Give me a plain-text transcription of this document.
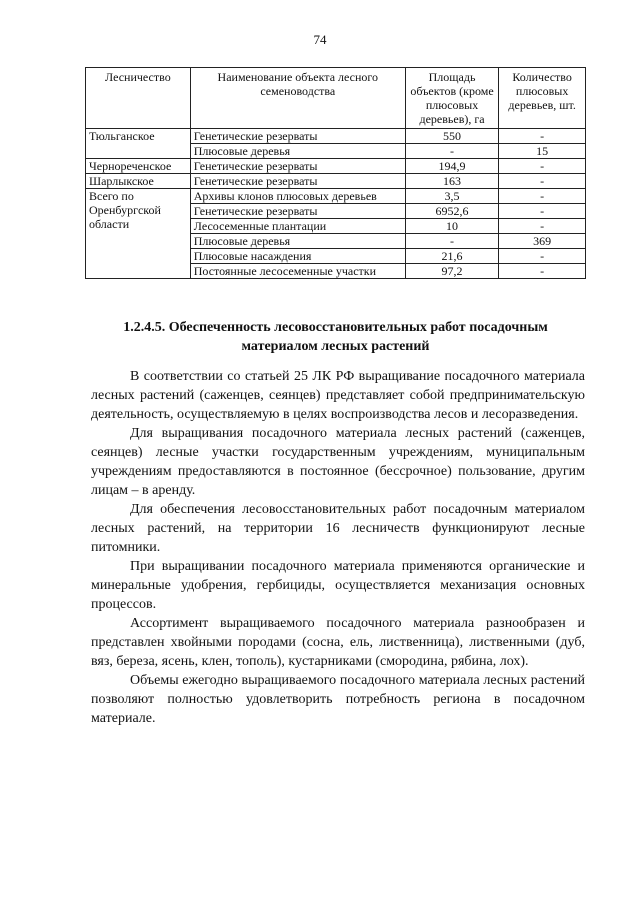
74
Лесничество	Наименование объекта лесного семеноводства	Площадь объектов (кроме плюсовых деревьев), га	Количество плюсовых деревьев, шт.
Тюльганское	Генетические резерваты	550	-
	Плюсовые деревья	-	15
Чернореченское	Генетические резерваты	194,9	-
Шарлыкское	Генетические резерваты	163	-
Всего по Оренбургской области	Архивы клонов плюсовых деревьев	3,5	-
	Генетические резерваты	6952,6	-
	Лесосеменные плантации	10	-
	Плюсовые деревья	-	369
	Плюсовые насаждения	21,6	-
	Постоянные лесосеменные участки	97,2	-
1.2.4.5. Обеспеченность лесовосстановительных работ посадочным материалом лесных растений

В соответствии со статьей 25 ЛК РФ выращивание посадочного материала лесных растений (саженцев, сеянцев) представляет собой предпринимательскую деятельность, осуществляемую в целях воспроизводства лесов и лесоразведения.

Для выращивания посадочного материала лесных растений (саженцев, сеянцев) лесные участки государственным учреждениям, муниципальным учреждениям предоставляются в постоянное (бессрочное) пользование, другим лицам – в аренду.

Для обеспечения лесовосстановительных работ посадочным материалом лесных растений, на территории 16 лесничеств функционируют лесные питомники.

При выращивании посадочного материала применяются органические и минеральные удобрения, гербициды, осуществляется механизация основных процессов.

Ассортимент выращиваемого посадочного материала разнообразен и представлен хвойными породами (сосна, ель, лиственница), лиственными (дуб, вяз, береза, ясень, клен, тополь), кустарниками (смородина, рябина, лох).

Объемы ежегодно выращиваемого посадочного материала лесных растений позволяют полностью удовлетворить потребность региона в посадочном материале.
